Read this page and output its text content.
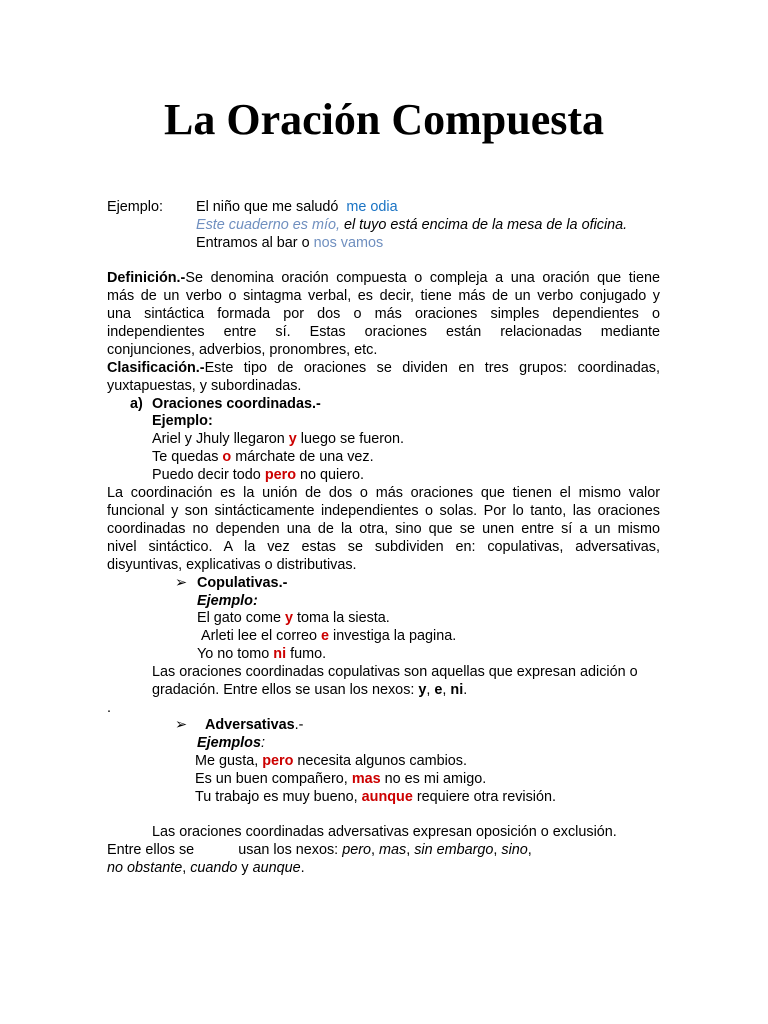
La Oración Compuesta
Ejemplo: El niño que me saludó me odia
Este cuaderno es mío, el tuyo está encima de la mesa de la oficina.
Entramos al bar o nos vamos
Definición.-Se denomina oración compuesta o compleja a una oración que tiene
más de un verbo o sintagma verbal, es decir, tiene más de un verbo conjugado y
una sintáctica formada por dos o más oraciones simples dependientes o
independientes entre sí. Estas oraciones están relacionadas mediante
conjunciones, adverbios, pronombres, etc.
Clasificación.-Este tipo de oraciones se dividen en tres grupos: coordinadas,
yuxtapuestas, y subordinadas.
a) Oraciones coordinadas.-
Ejemplo:
Ariel y Jhuly llegaron y luego se fueron.
Te quedas o márchate de una vez.
Puedo decir todo pero no quiero.
La coordinación es la unión de dos o más oraciones que tienen el mismo valor
funcional y son sintácticamente independientes o solas. Por lo tanto, las oraciones
coordinadas no dependen una de la otra, sino que se unen entre sí a un mismo
nivel sintáctico. A la vez estas se subdividen en: copulativas, adversativas,
disyuntivas, explicativas o distributivas.
➢ Copulativas.-
Ejemplo:
El gato come y toma la siesta.
Arleti lee el correo e investiga la pagina.
Yo no tomo ni fumo.
Las oraciones coordinadas copulativas son aquellas que expresan adición o
gradación. Entre ellos se usan los nexos: y, e, ni.
.
➢ Adversativas.-
Ejemplos:
Me gusta, pero necesita algunos cambios.
Es un buen compañero, mas no es mi amigo.
Tu trabajo es muy bueno, aunque requiere otra revisión.
Las oraciones coordinadas adversativas expresan oposición o exclusión.
Entre ellos se	usan los nexos: pero, mas, sin embargo, sino,
no obstante, cuando y aunque.
